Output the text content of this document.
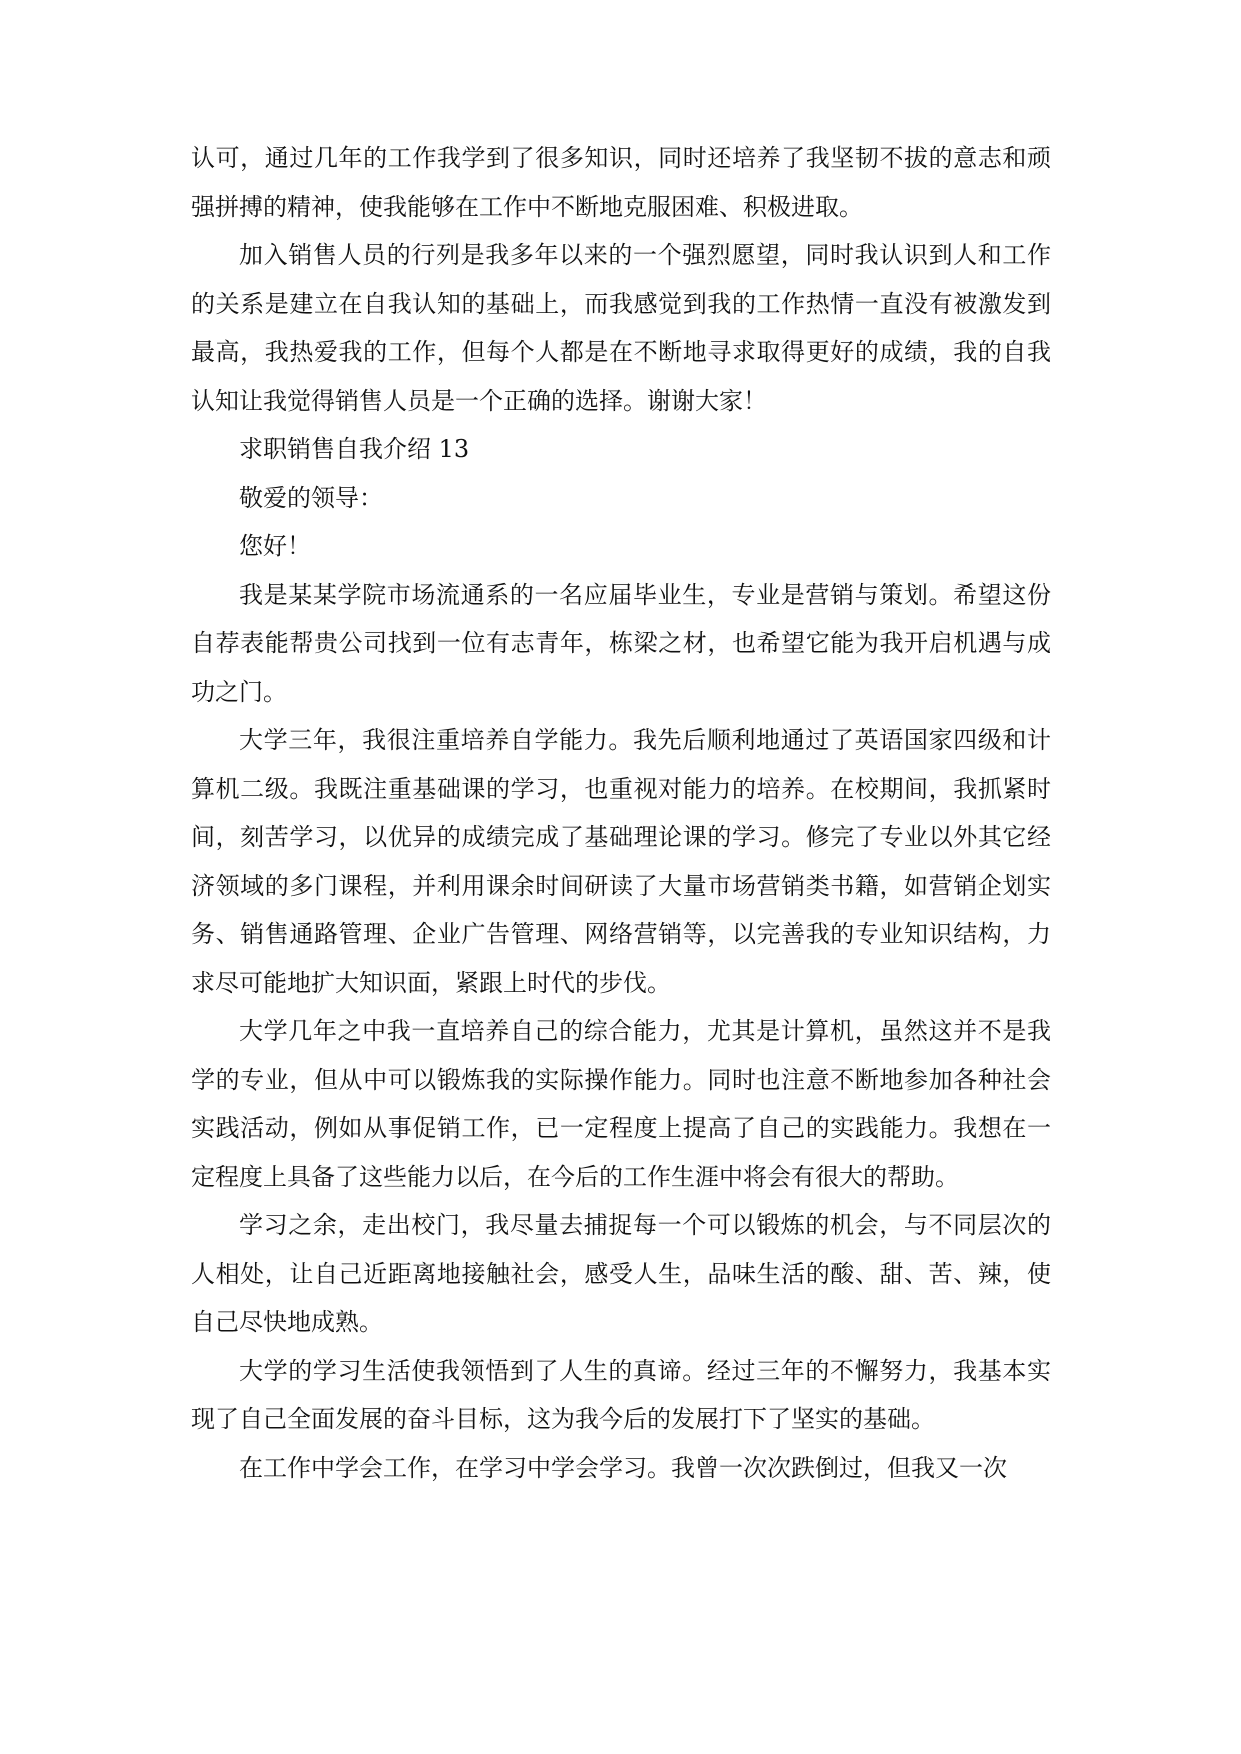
认可，通过几年的工作我学到了很多知识，同时还培养了我坚韧不拔的意志和顽强拼搏的精神，使我能够在工作中不断地克服困难、积极进取。

加入销售人员的行列是我多年以来的一个强烈愿望，同时我认识到人和工作的关系是建立在自我认知的基础上，而我感觉到我的工作热情一直没有被激发到最高，我热爱我的工作，但每个人都是在不断地寻求取得更好的成绩，我的自我认知让我觉得销售人员是一个正确的选择。谢谢大家！

求职销售自我介绍 13

敬爱的领导：

您好！

我是某某学院市场流通系的一名应届毕业生，专业是营销与策划。希望这份自荐表能帮贵公司找到一位有志青年，栋梁之材，也希望它能为我开启机遇与成功之门。

大学三年，我很注重培养自学能力。我先后顺利地通过了英语国家四级和计算机二级。我既注重基础课的学习，也重视对能力的培养。在校期间，我抓紧时间，刻苦学习，以优异的成绩完成了基础理论课的学习。修完了专业以外其它经济领域的多门课程，并利用课余时间研读了大量市场营销类书籍，如营销企划实务、销售通路管理、企业广告管理、网络营销等，以完善我的专业知识结构，力求尽可能地扩大知识面，紧跟上时代的步伐。

大学几年之中我一直培养自己的综合能力，尤其是计算机，虽然这并不是我学的专业，但从中可以锻炼我的实际操作能力。同时也注意不断地参加各种社会实践活动，例如从事促销工作，已一定程度上提高了自己的实践能力。我想在一定程度上具备了这些能力以后，在今后的工作生涯中将会有很大的帮助。

学习之余，走出校门，我尽量去捕捉每一个可以锻炼的机会，与不同层次的人相处，让自己近距离地接触社会，感受人生，品味生活的酸、甜、苦、辣，使自己尽快地成熟。

大学的学习生活使我领悟到了人生的真谛。经过三年的不懈努力，我基本实现了自己全面发展的奋斗目标，这为我今后的发展打下了坚实的基础。

在工作中学会工作，在学习中学会学习。我曾一次次跌倒过，但我又一次
